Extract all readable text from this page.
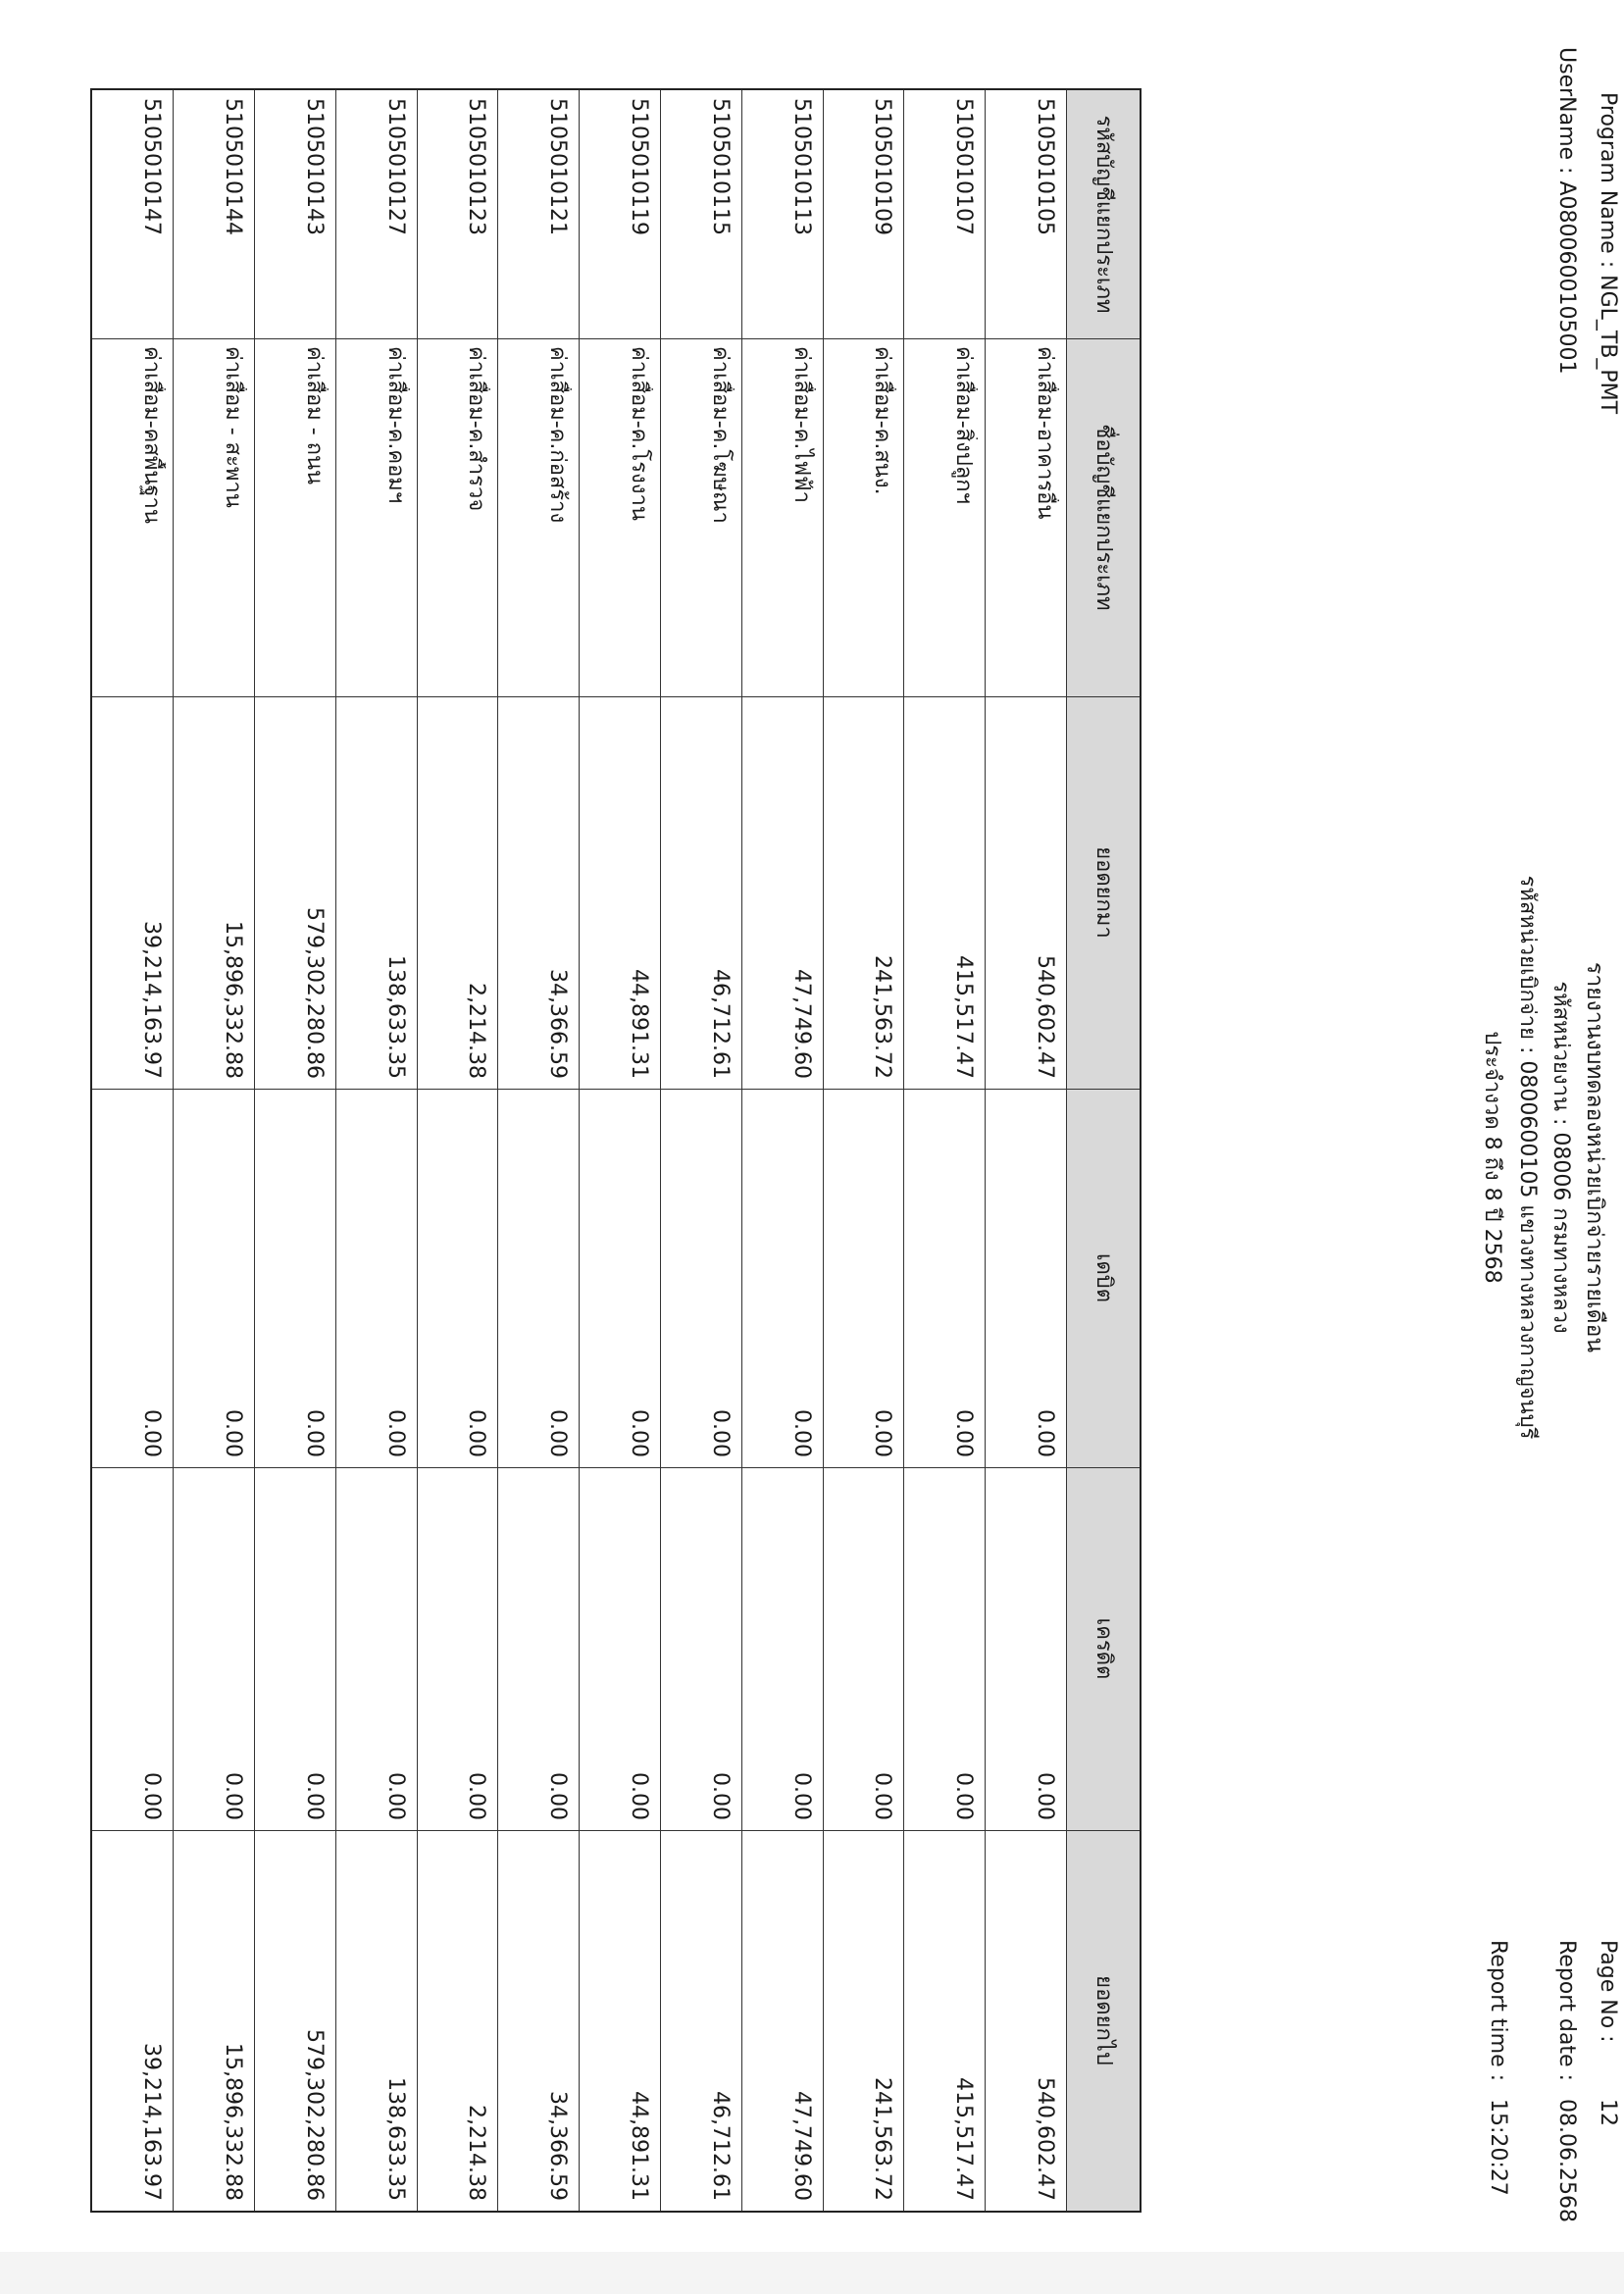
รายงานงบทดลองหน่วยเบิกจ่ายรายเดือน
รหัสหน่วยงาน : 08006 กรมทางหลวง
รหัสหน่วยเบิกจ่าย : 0800600105 แขวงทางหลวงกาญจนบุรี
ประจำงวด 8 ถึง 8 ปี 2568
Program Name : NGL_TB_PMT
UserName : A0800600105001
Page No :
12
Report date :
08.06.2568
Report time :
15:20:27
รหัสบัญชีแยกประเภท
ชื่อบัญชีแยกประเภท
ยอดยกมา
เดบิต
เครดิต
ยอดยกไป
5105010105
ค่าเสื่อม-อาคารอื่น
540,602.47
0.00
0.00
540,602.47
5105010107
ค่าเสื่อม-สิ่งปลูกฯ
415,517.47
0.00
0.00
415,517.47
5105010109
ค่าเสื่อม-ค.สนง.
241,563.72
0.00
0.00
241,563.72
5105010113
ค่าเสื่อม-ค.ไฟฟ้า
47,749.60
0.00
0.00
47,749.60
5105010115
ค่าเสื่อม-ค.โฆษณา
46,712.61
0.00
0.00
46,712.61
5105010119
ค่าเสื่อม-ค.โรงงาน
44,891.31
0.00
0.00
44,891.31
5105010121
ค่าเสื่อม-ค.ก่อสร้าง
34,366.59
0.00
0.00
34,366.59
5105010123
ค่าเสื่อม-ค.สำรวจ
2,214.38
0.00
0.00
2,214.38
5105010127
ค่าเสื่อม-ค.คอมฯ
138,633.35
0.00
0.00
138,633.35
5105010143
ค่าเสื่อม - ถนน
579,302,280.86
0.00
0.00
579,302,280.86
5105010144
ค่าเสื่อม - สะพาน
15,896,332.88
0.00
0.00
15,896,332.88
5105010147
ค่าเสื่อม-คสพื้นฐาน
39,214,163.97
0.00
0.00
39,214,163.97
